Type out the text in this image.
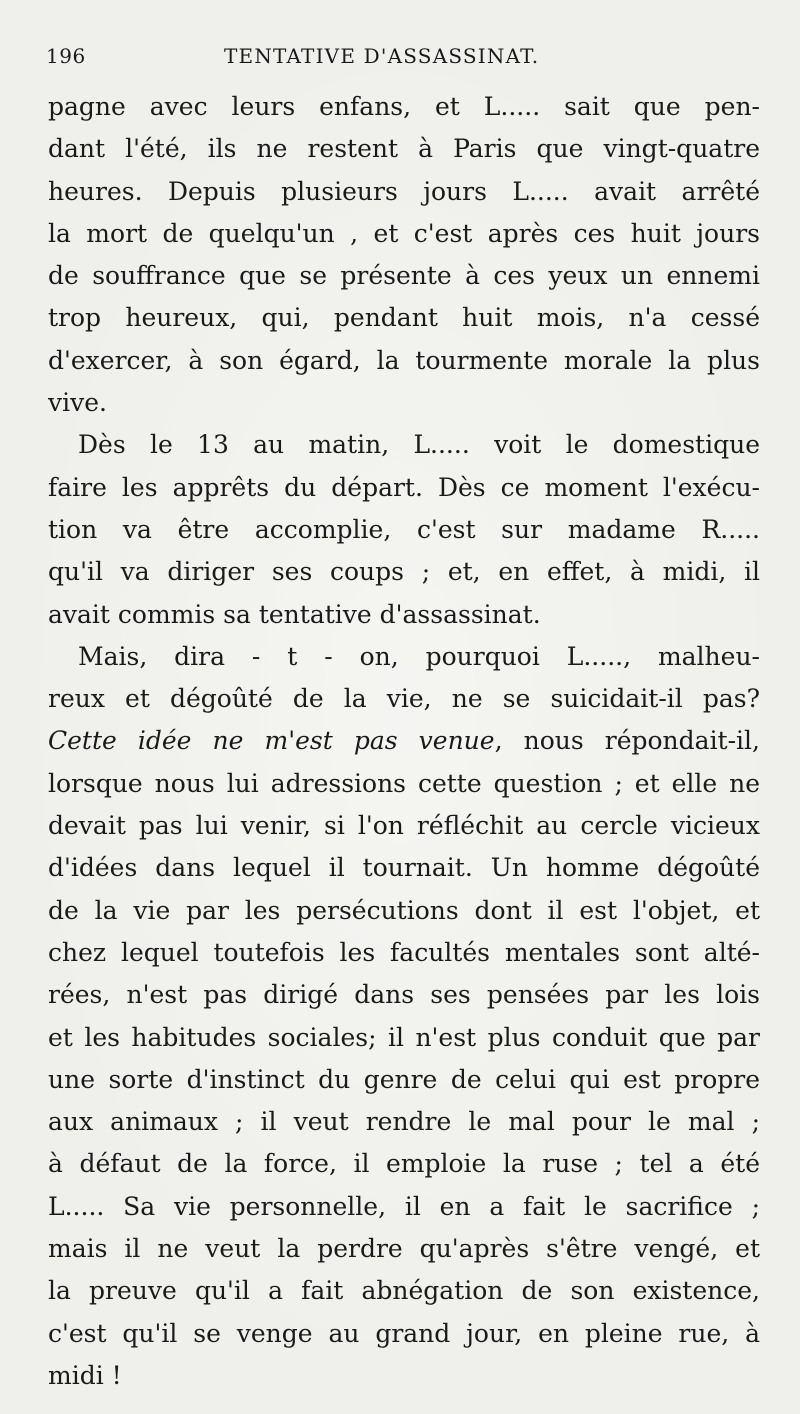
196	TENTATIVE D'ASSASSINAT.
pagne avec leurs enfans, et L..... sait que pen-
dant l'été, ils ne restent à Paris que vingt-quatre
heures. Depuis plusieurs jours L..... avait arrêté
la mort de quelqu'un , et c'est après ces huit jours
de souffrance que se présente à ces yeux un ennemi
trop heureux, qui, pendant huit mois, n'a cessé
d'exercer, à son égard, la tourmente morale la plus
vive.
Dès le 13 au matin, L..... voit le domestique
faire les apprêts du départ. Dès ce moment l'exécu-
tion va être accomplie, c'est sur madame R.....
qu'il va diriger ses coups ; et, en effet, à midi, il
avait commis sa tentative d'assassinat.
Mais, dira - t - on, pourquoi L....., malheu-
reux et dégoûté de la vie, ne se suicidait-il pas?
Cette idée ne m'est pas venue, nous répondait-il,
lorsque nous lui adressions cette question ; et elle ne
devait pas lui venir, si l'on réfléchit au cercle vicieux
d'idées dans lequel il tournait. Un homme dégoûté
de la vie par les persécutions dont il est l'objet, et
chez lequel toutefois les facultés mentales sont alté-
rées, n'est pas dirigé dans ses pensées par les lois
et les habitudes sociales; il n'est plus conduit que par
une sorte d'instinct du genre de celui qui est propre
aux animaux ; il veut rendre le mal pour le mal ;
à défaut de la force, il emploie la ruse ; tel a été
L..... Sa vie personnelle, il en a fait le sacrifice ;
mais il ne veut la perdre qu'après s'être vengé, et
la preuve qu'il a fait abnégation de son existence,
c'est qu'il se venge au grand jour, en pleine rue, à
midi !
